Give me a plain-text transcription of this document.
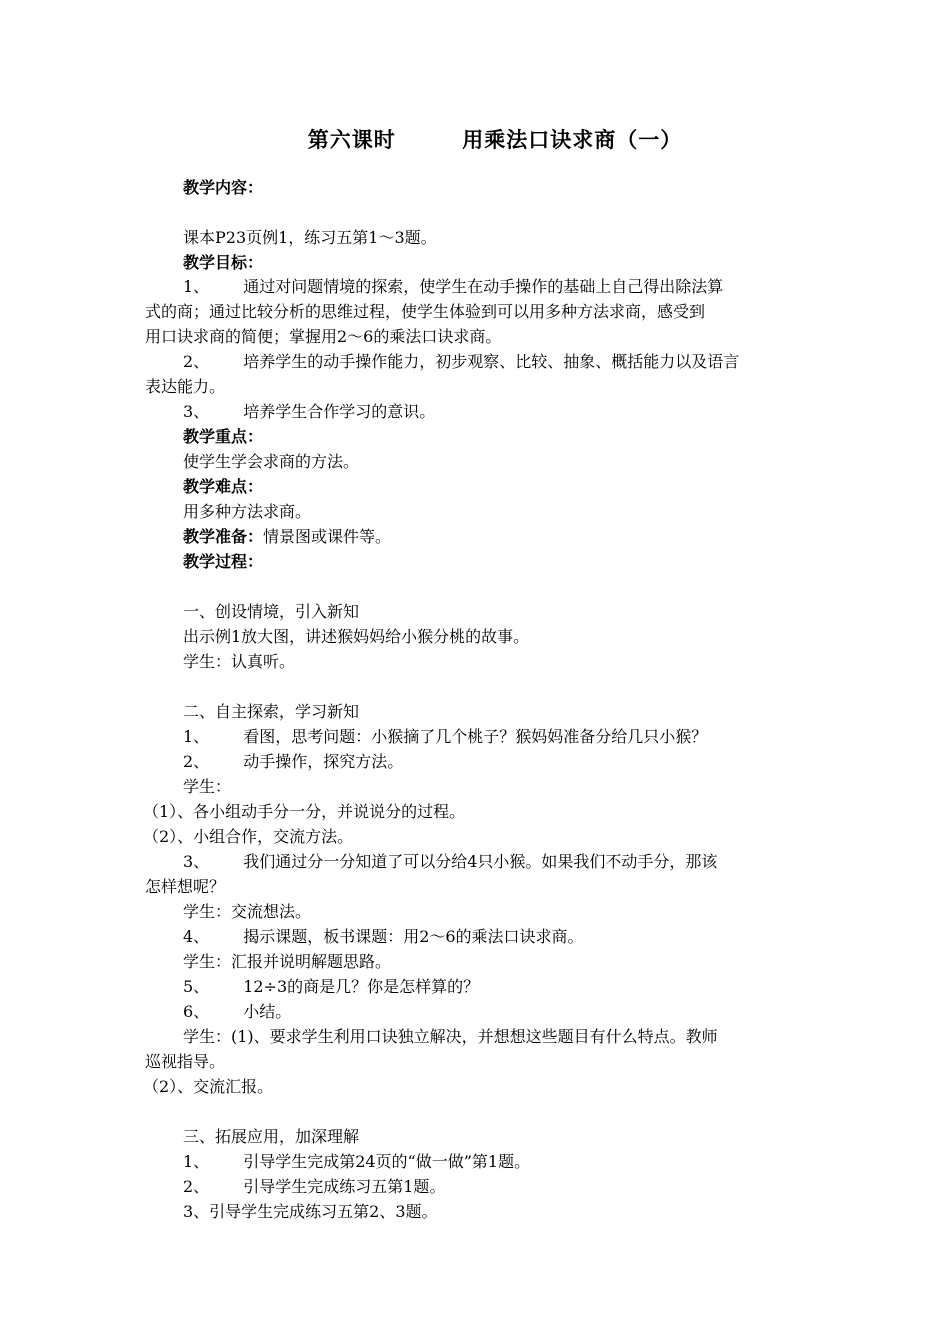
第六课时        用乘法口诀求商（一）
教学内容：
课本P23页例1，练习五第1～3题。
教学目标：
1、 通过对问题情境的探索，使学生在动手操作的基础上自己得出除法算
式的商；通过比较分析的思维过程，使学生体验到可以用多种方法求商，感受到
用口诀求商的简便；掌握用2～6的乘法口诀求商。
2、 培养学生的动手操作能力，初步观察、比较、抽象、概括能力以及语言
表达能力。
3、 培养学生合作学习的意识。
教学重点：
使学生学会求商的方法。
教学难点：
用多种方法求商。
教学准备：情景图或课件等。
教学过程：
一、创设情境，引入新知
出示例1放大图，讲述猴妈妈给小猴分桃的故事。
学生：认真听。
二、自主探索，学习新知
1、 看图，思考问题：小猴摘了几个桃子？猴妈妈准备分给几只小猴？
2、 动手操作，探究方法。
学生：
（1）、各小组动手分一分，并说说分的过程。
（2）、小组合作，交流方法。
3、 我们通过分一分知道了可以分给4只小猴。如果我们不动手分，那该
怎样想呢？
学生：交流想法。
4、 揭示课题，板书课题：用2～6的乘法口诀求商。
学生：汇报并说明解题思路。
5、 12÷3的商是几？你是怎样算的？
6、 小结。
学生：(1)、要求学生利用口诀独立解决，并想想这些题目有什么特点。教师
巡视指导。
（2）、交流汇报。
三、拓展应用，加深理解
1、 引导学生完成第24页的“做一做”第1题。
2、 引导学生完成练习五第1题。
3、引导学生完成练习五第2、3题。
